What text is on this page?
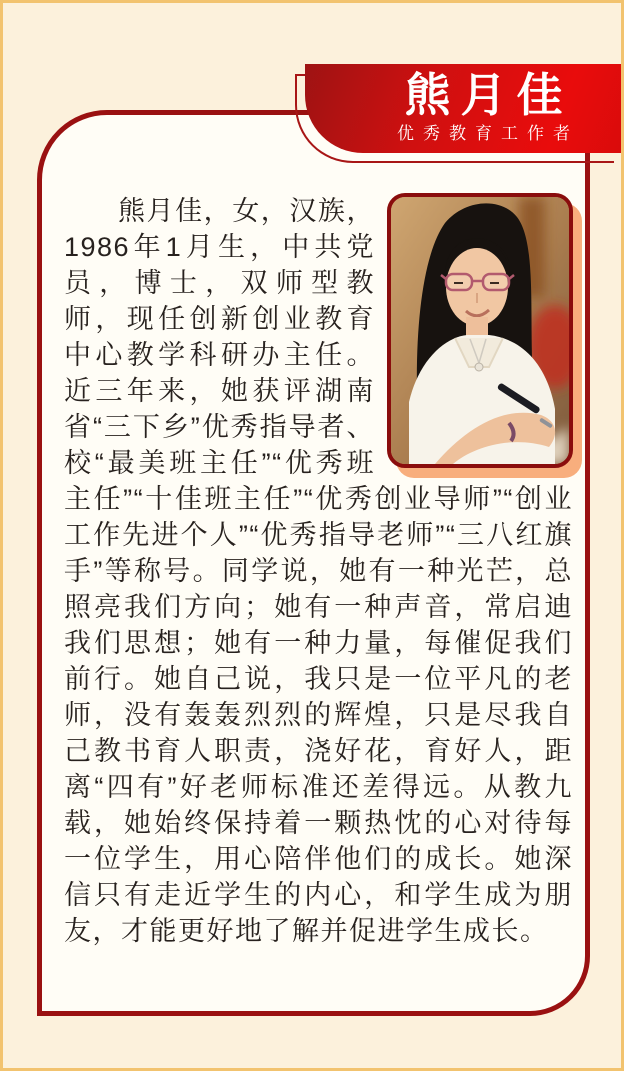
熊月佳，女，汉族，1986年1月生，中共党员，博士，双师型教师，现任创新创业教育中心教学科研办主任。近三年来，她获评湖南省“三下乡”优秀指导者、校“最美班主任”“优秀班主任”“十佳班主任”“优秀创业导师”“创业工作先进个人”“优秀指导老师”“三八红旗手”等称号。同学说，她有一种光芒，总照亮我们方向；她有一种声音，常启迪我们思想；她有一种力量，每催促我们前行。她自己说，我只是一位平凡的老师，没有轰轰烈烈的辉煌，只是尽我自己教书育人职责，浇好花，育好人，距离“四有”好老师标准还差得远。从教九载，她始终保持着一颗热忱的心对待每一位学生，用心陪伴他们的成长。她深信只有走近学生的内心，和学生成为朋友，才能更好地了解并促进学生成长。

熊月佳
优秀教育工作者
